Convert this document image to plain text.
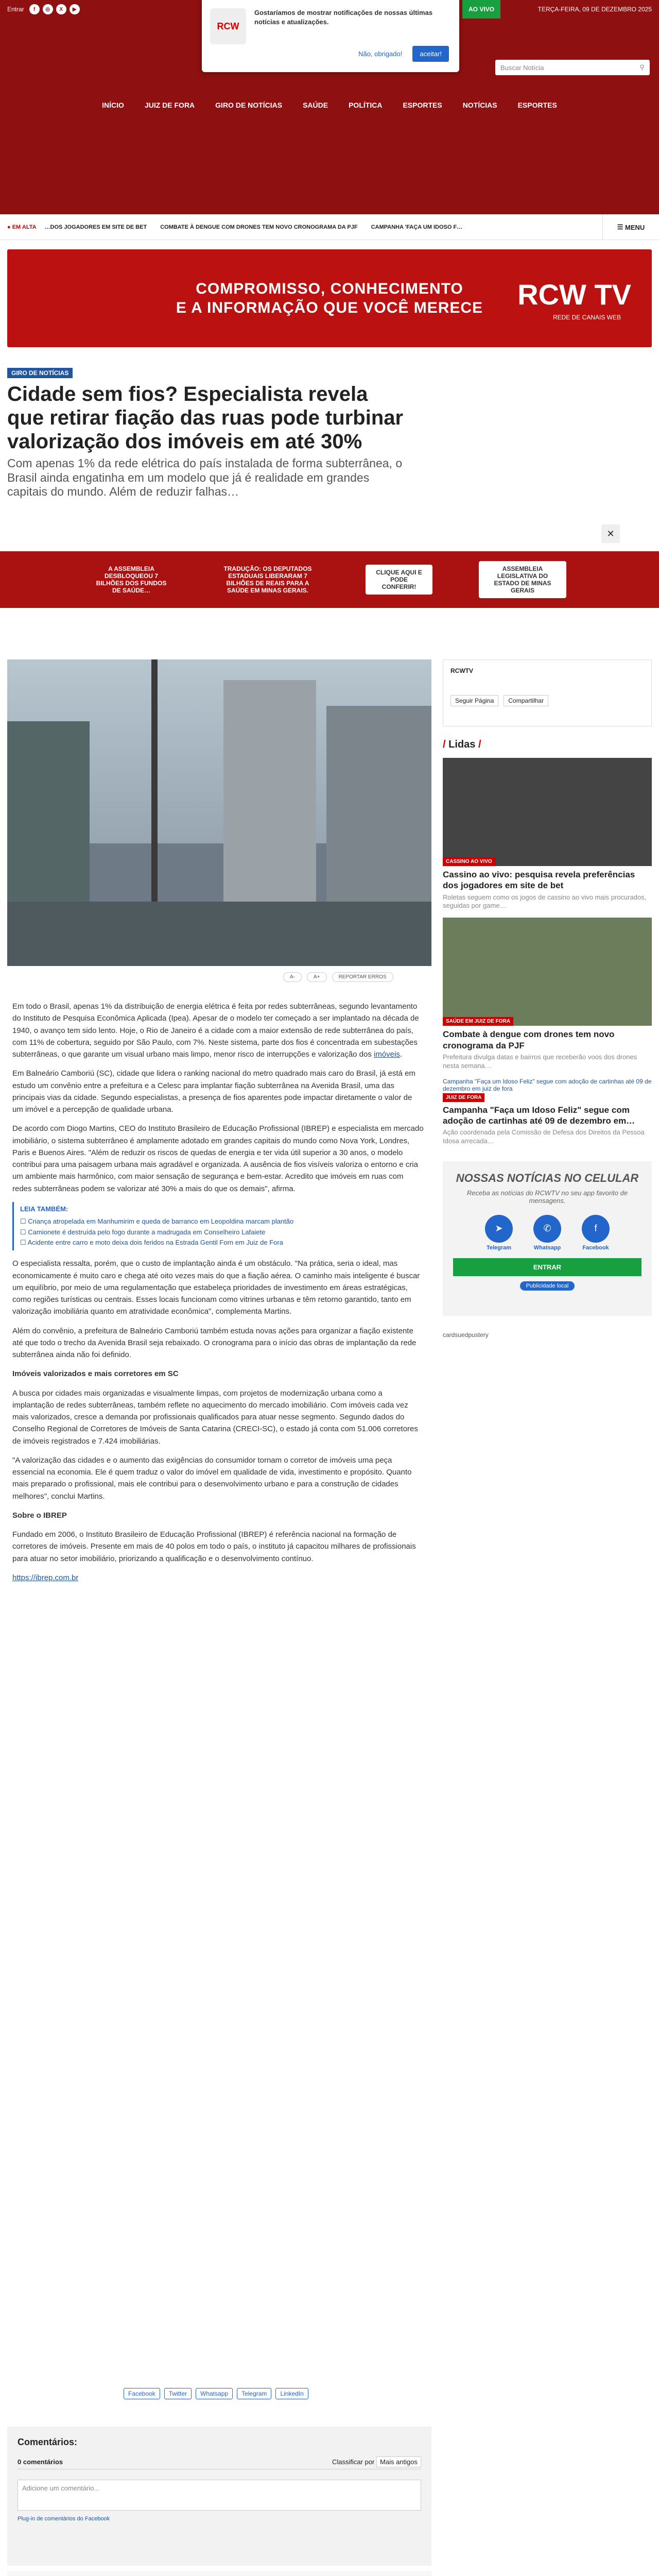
Entrar	f	◎	X	▶	AO VIVO	TERÇA-FEIRA, 09 DE DEZEMBRO 2025
Buscar Notícia	⚲
INÍCIO	JUIZ DE FORA	GIRO DE NOTÍCIAS	SAÚDE	POLÍTICA	ESPORTES	NOTÍCIAS	ESPORTES
RCW
Gostaríamos de mostrar notificações de nossas últimas notícias e atualizações.
Não, obrigado!	aceitar!
● EM ALTA …DOS JOGADORES EM SITE DE BET COMBATE À DENGUE COM DRONES TEM NOVO CRONOGRAMA DA PJF CAMPANHA 'FAÇA UM IDOSO F…	☰ MENU
COMPROMISSO, CONHECIMENTO
E A INFORMAÇÃO QUE VOCÊ MERECE RCW TV
REDE DE CANAIS WEB
GIRO DE NOTÍCIAS
Cidade sem fios? Especialista revela que retirar fiação das ruas pode turbinar valorização dos imóveis em até 30%
Com apenas 1% da rede elétrica do país instalada de forma subterrânea, o Brasil ainda engatinha em um modelo que já é realidade em grandes capitais do mundo. Além de reduzir falhas…
✕
A ASSEMBLEIA DESBLOQUEOU 7 BILHÕES DOS FUNDOS DE SAÚDE…
TRADUÇÃO: OS DEPUTADOS ESTADUAIS LIBERARAM 7 BILHÕES DE REAIS PARA A SAÚDE EM MINAS GERAIS.
CLIQUE AQUI E PODE CONFERIR!
ASSEMBLEIA LEGISLATIVA DO ESTADO DE MINAS GERAIS
A-	A+	REPORTAR ERROS

Em todo o Brasil, apenas 1% da distribuição de energia elétrica é feita por redes subterrâneas, segundo levantamento do Instituto de Pesquisa Econômica Aplicada (Ipea). Apesar de o modelo ter começado a ser implantado na década de 1940, o avanço tem sido lento. Hoje, o Rio de Janeiro é a cidade com a maior extensão de rede subterrânea do país, com 11% de cobertura, seguido por São Paulo, com 7%. Neste sistema, parte dos fios é concentrada em subestações subterrâneas, o que garante um visual urbano mais limpo, menor risco de interrupções e valorização dos imóveis.

Em Balneário Camboriú (SC), cidade que lidera o ranking nacional do metro quadrado mais caro do Brasil, já está em estudo um convênio entre a prefeitura e a Celesc para implantar fiação subterrânea na Avenida Brasil, uma das principais vias da cidade. Segundo especialistas, a presença de fios aparentes pode impactar diretamente o valor de um imóvel e a percepção de qualidade urbana.

De acordo com Diogo Martins, CEO do Instituto Brasileiro de Educação Profissional (IBREP) e especialista em mercado imobiliário, o sistema subterrâneo é amplamente adotado em grandes capitais do mundo como Nova York, Londres, Paris e Buenos Aires. "Além de reduzir os riscos de quedas de energia e ter vida útil superior a 30 anos, o modelo contribui para uma paisagem urbana mais agradável e organizada. A ausência de fios visíveis valoriza o entorno e cria um ambiente mais harmônico, com maior sensação de segurança e bem-estar. Acredito que imóveis em ruas com redes subterrâneas podem se valorizar até 30% a mais do que os demais", afirma.

LEIA TAMBÉM:
☐ Criança atropelada em Manhumirim e queda de barranco em Leopoldina marcam plantão
☐ Camionete é destruída pelo fogo durante a madrugada em Conselheiro Lafaiete
☐ Acidente entre carro e moto deixa dois feridos na Estrada Gentil Forn em Juiz de Fora

O especialista ressalta, porém, que o custo de implantação ainda é um obstáculo. "Na prática, seria o ideal, mas economicamente é muito caro e chega até oito vezes mais do que a fiação aérea. O caminho mais inteligente é buscar um equilíbrio, por meio de uma regulamentação que estabeleça prioridades de investimento em áreas estratégicas, como regiões turísticas ou centrais. Esses locais funcionam como vitrines urbanas e têm retorno garantido, tanto em valorização imobiliária quanto em atratividade econômica", complementa Martins.

Além do convênio, a prefeitura de Balneário Camboriú também estuda novas ações para organizar a fiação existente até que todo o trecho da Avenida Brasil seja rebaixado. O cronograma para o início das obras de implantação da rede subterrânea ainda não foi definido.

Imóveis valorizados e mais corretores em SC

A busca por cidades mais organizadas e visualmente limpas, com projetos de modernização urbana como a implantação de redes subterrâneas, também reflete no aquecimento do mercado imobiliário. Com imóveis cada vez mais valorizados, cresce a demanda por profissionais qualificados para atuar nesse segmento. Segundo dados do Conselho Regional de Corretores de Imóveis de Santa Catarina (CRECI-SC), o estado já conta com 51.006 corretores de imóveis registrados e 7.424 imobiliárias.

"A valorização das cidades e o aumento das exigências do consumidor tornam o corretor de imóveis uma peça essencial na economia. Ele é quem traduz o valor do imóvel em qualidade de vida, investimento e propósito. Quanto mais preparado o profissional, mais ele contribui para o desenvolvimento urbano e para a construção de cidades melhores", conclui Martins.

Sobre o IBREP

Fundado em 2006, o Instituto Brasileiro de Educação Profissional (IBREP) é referência nacional na formação de corretores de imóveis. Presente em mais de 40 polos em todo o país, o instituto já capacitou milhares de profissionais para atuar no setor imobiliário, priorizando a qualificação e o desenvolvimento contínuo.

https://ibrep.com.br

Facebook	Twitter	Whatsapp	Telegram	LinkedIn
RCWTV
Seguir Página	Compartilhar
/ Lidas /
CASSINO AO VIVO
Cassino ao vivo: pesquisa revela preferências dos jogadores em site de bet
Roletas seguem como os jogos de cassino ao vivo mais procurados, seguidas por game…
SAÚDE EM JUIZ DE FORA
Combate à dengue com drones tem novo cronograma da PJF
Prefeitura divulga datas e bairros que receberão voos dos drones nesta semana…
Campanha "Faça um Idoso Feliz" segue com adoção de cartinhas até 09 de dezembro em juiz de fora
JUIZ DE FORA
Campanha "Faça um Idoso Feliz" segue com adoção de cartinhas até 09 de dezembro em…
Ação coordenada pela Comissão de Defesa dos Direitos da Pessoa Idosa arrecada…
NOSSAS NOTÍCIAS NO CELULAR

Receba as notícias do RCWTV no seu app favorito de mensagens.

➤
Telegram
✆
Whatsapp
f
Facebook
ENTRAR
Publicidade local
cardsuedpustery
Comentários:
0 comentários	Classificar por Mais antigos
Adicione um comentário...
Plug-in de comentários do Facebook
